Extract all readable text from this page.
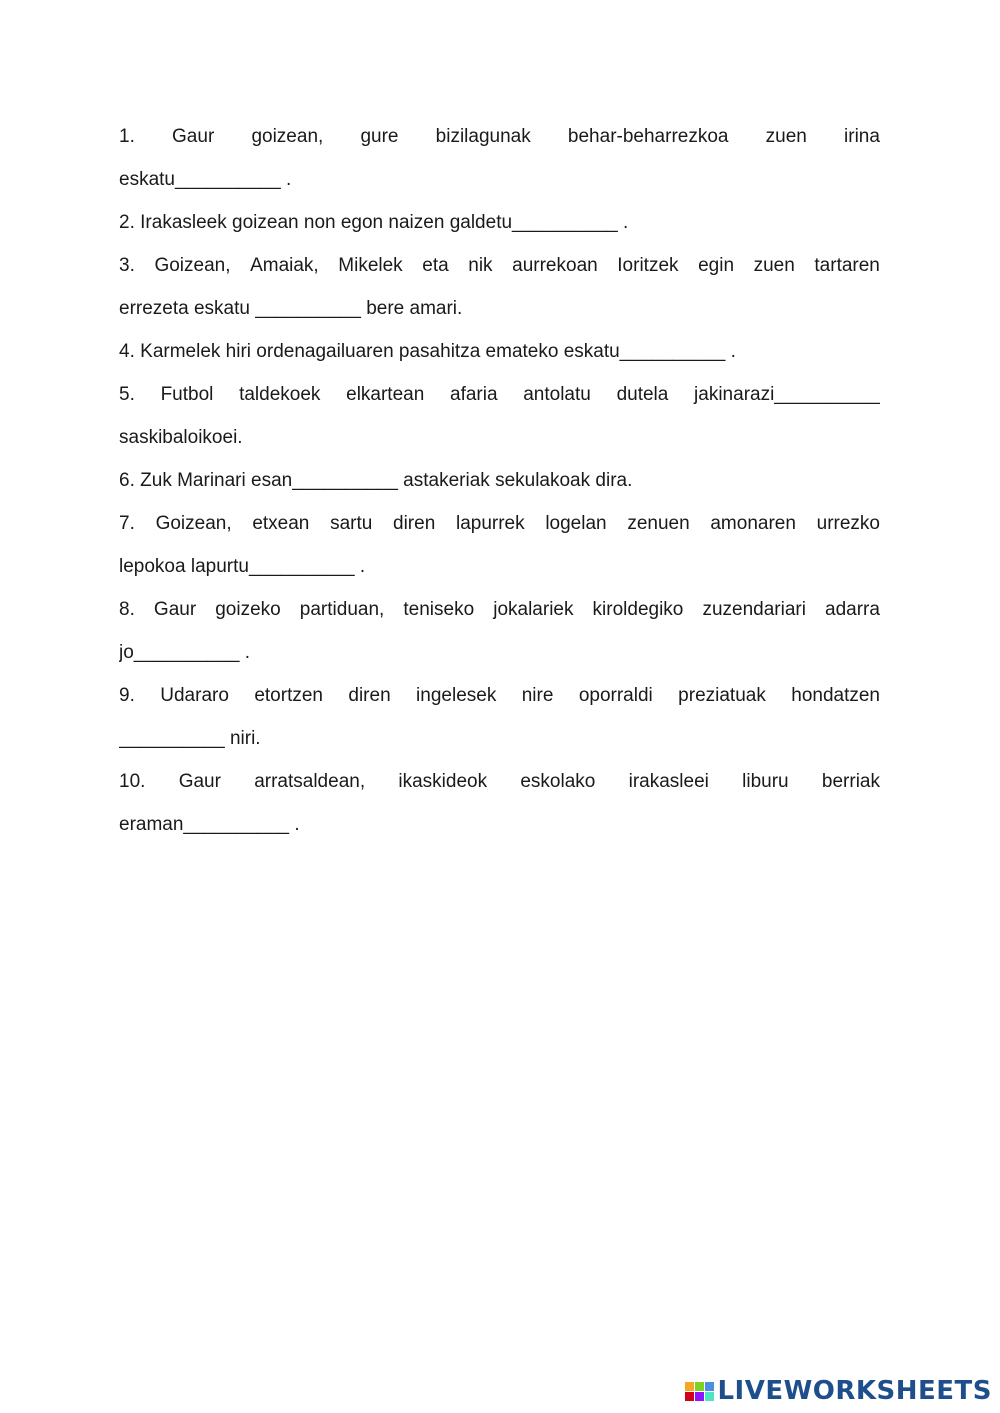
1. Gaur goizean, gure bizilagunak behar-beharrezkoa zuen irina
eskatu__________ .
2. Irakasleek goizean non egon naizen galdetu__________ .
3. Goizean, Amaiak, Mikelek eta nik aurrekoan Ioritzek egin zuen tartaren
errezeta eskatu __________ bere amari.
4. Karmelek hiri ordenagailuaren pasahitza emateko eskatu__________ .
5. Futbol taldekoek elkartean afaria antolatu dutela jakinarazi__________
saskibaloikoei.
6. Zuk Marinari esan__________ astakeriak sekulakoak dira.
7. Goizean, etxean sartu diren lapurrek logelan zenuen amonaren urrezko
lepokoa lapurtu__________ .
8. Gaur goizeko partiduan, teniseko jokalariek kiroldegiko zuzendariari adarra
jo__________ .
9. Udararo etortzen diren ingelesek nire oporraldi preziatuak hondatzen
__________ niri.
10. Gaur arratsaldean, ikaskideok eskolako irakasleei liburu berriak
eraman__________ .
LIVEWORKSHEETS
